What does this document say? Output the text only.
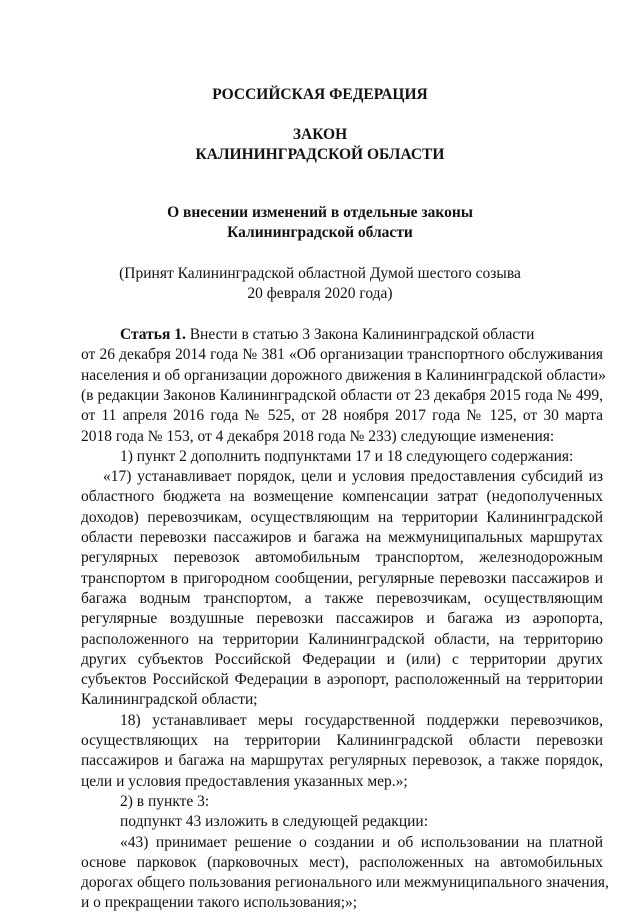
РОССИЙСКАЯ ФЕДЕРАЦИЯ
ЗАКОН
КАЛИНИНГРАДСКОЙ ОБЛАСТИ
О внесении изменений в отдельные законы
Калининградской области
(Принят Калининградской областной Думой шестого созыва
20 февраля 2020 года)
Статья 1. Внести в статью 3 Закона Калининградской области
от 26 декабря 2014 года № 381 «Об организации транспортного обслуживания
населения и об организации дорожного движения в Калининградской области»
(в редакции Законов Калининградской области от 23 декабря 2015 года № 499,
от 11 апреля 2016 года № 525, от 28 ноября 2017 года № 125, от 30 марта
2018 года № 153, от 4 декабря 2018 года № 233) следующие изменения:
1) пункт 2 дополнить подпунктами 17 и 18 следующего содержания:
«17) устанавливает порядок, цели и условия предоставления субсидий из
областного бюджета на возмещение компенсации затрат (недополученных
доходов) перевозчикам, осуществляющим на территории Калининградской
области перевозки пассажиров и багажа на межмуниципальных маршрутах
регулярных перевозок автомобильным транспортом, железнодорожным
транспортом в пригородном сообщении, регулярные перевозки пассажиров и
багажа водным транспортом, а также перевозчикам, осуществляющим
регулярные воздушные перевозки пассажиров и багажа из аэропорта,
расположенного на территории Калининградской области, на территорию
других субъектов Российской Федерации и (или) с территории других
субъектов Российской Федерации в аэропорт, расположенный на территории
Калининградской области;
18) устанавливает меры государственной поддержки перевозчиков,
осуществляющих на территории Калининградской области перевозки
пассажиров и багажа на маршрутах регулярных перевозок, а также порядок,
цели и условия предоставления указанных мер.»;
2) в пункте 3:
подпункт 43 изложить в следующей редакции:
«43) принимает решение о создании и об использовании на платной
основе парковок (парковочных мест), расположенных на автомобильных
дорогах общего пользования регионального или межмуниципального значения,
и о прекращении такого использования;»;
